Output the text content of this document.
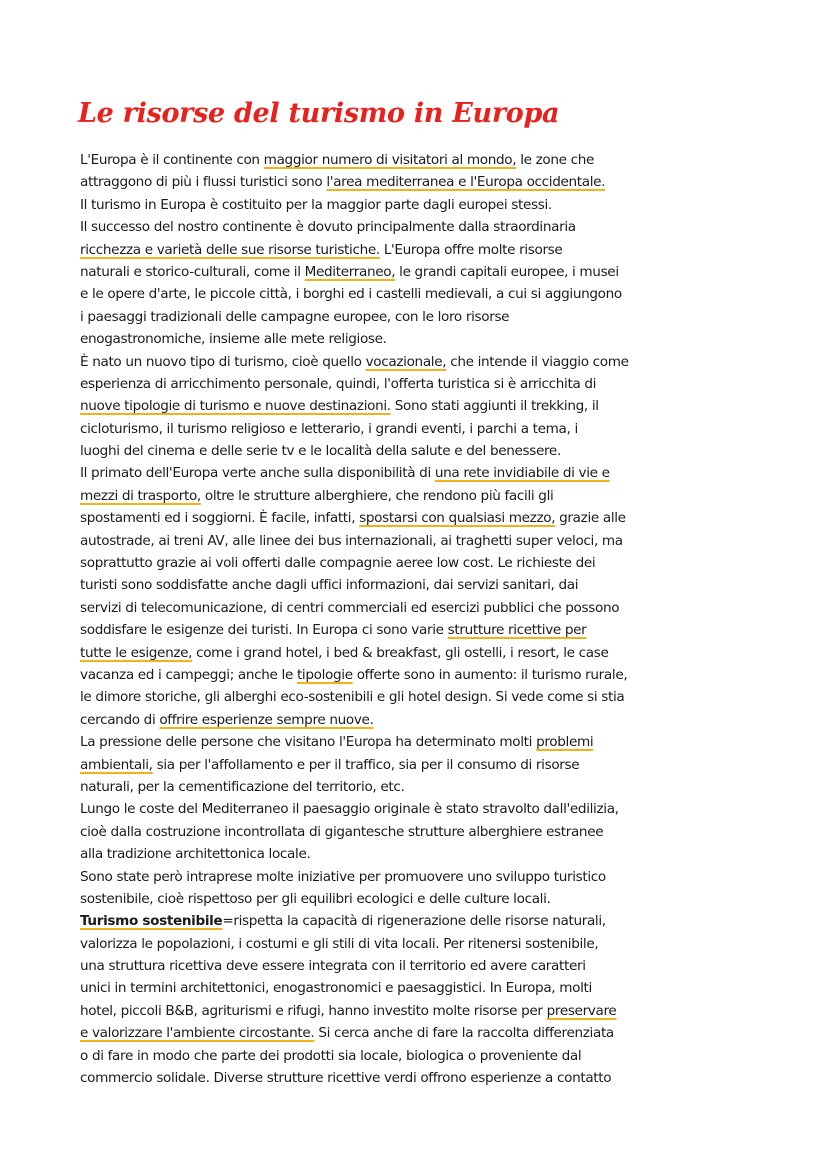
Le risorse del turismo in Europa
L'Europa è il continente con maggior numero di visitatori al mondo, le zone che
attraggono di più i flussi turistici sono l'area mediterranea e l'Europa occidentale.
Il turismo in Europa è costituito per la maggior parte dagli europei stessi.
Il successo del nostro continente è dovuto principalmente dalla straordinaria
ricchezza e varietà delle sue risorse turistiche. L'Europa offre molte risorse
naturali e storico-culturali, come il Mediterraneo, le grandi capitali europee, i musei
e le opere d'arte, le piccole città, i borghi ed i castelli medievali, a cui si aggiungono
i paesaggi tradizionali delle campagne europee, con le loro risorse
enogastronomiche, insieme alle mete religiose.
È nato un nuovo tipo di turismo, cioè quello vocazionale, che intende il viaggio come
esperienza di arricchimento personale, quindi, l'offerta turistica si è arricchita di
nuove tipologie di turismo e nuove destinazioni. Sono stati aggiunti il trekking, il
cicloturismo, il turismo religioso e letterario, i grandi eventi, i parchi a tema, i
luoghi del cinema e delle serie tv e le località della salute e del benessere.
Il primato dell'Europa verte anche sulla disponibilità di una rete invidiabile di vie e
mezzi di trasporto, oltre le strutture alberghiere, che rendono più facili gli
spostamenti ed i soggiorni. È facile, infatti, spostarsi con qualsiasi mezzo, grazie alle
autostrade, ai treni AV, alle linee dei bus internazionali, ai traghetti super veloci, ma
soprattutto grazie ai voli offerti dalle compagnie aeree low cost. Le richieste dei
turisti sono soddisfatte anche dagli uffici informazioni, dai servizi sanitari, dai
servizi di telecomunicazione, di centri commerciali ed esercizi pubblici che possono
soddisfare le esigenze dei turisti. In Europa ci sono varie strutture ricettive per
tutte le esigenze, come i grand hotel, i bed & breakfast, gli ostelli, i resort, le case
vacanza ed i campeggi; anche le tipologie offerte sono in aumento: il turismo rurale,
le dimore storiche, gli alberghi eco-sostenibili e gli hotel design. Si vede come si stia
cercando di offrire esperienze sempre nuove.
La pressione delle persone che visitano l'Europa ha determinato molti problemi
ambientali, sia per l'affollamento e per il traffico, sia per il consumo di risorse
naturali, per la cementificazione del territorio, etc.
Lungo le coste del Mediterraneo il paesaggio originale è stato stravolto dall'edilizia,
cioè dalla costruzione incontrollata di gigantesche strutture alberghiere estranee
alla tradizione architettonica locale.
Sono state però intraprese molte iniziative per promuovere uno sviluppo turistico
sostenibile, cioè rispettoso per gli equilibri ecologici e delle culture locali.
Turismo sostenibile=rispetta la capacità di rigenerazione delle risorse naturali,
valorizza le popolazioni, i costumi e gli stili di vita locali. Per ritenersi sostenibile,
una struttura ricettiva deve essere integrata con il territorio ed avere caratteri
unici in termini architettonici, enogastronomici e paesaggistici. In Europa, molti
hotel, piccoli B&B, agriturismi e rifugi, hanno investito molte risorse per preservare
e valorizzare l'ambiente circostante. Si cerca anche di fare la raccolta differenziata
o di fare in modo che parte dei prodotti sia locale, biologica o proveniente dal
commercio solidale. Diverse strutture ricettive verdi offrono esperienze a contatto
